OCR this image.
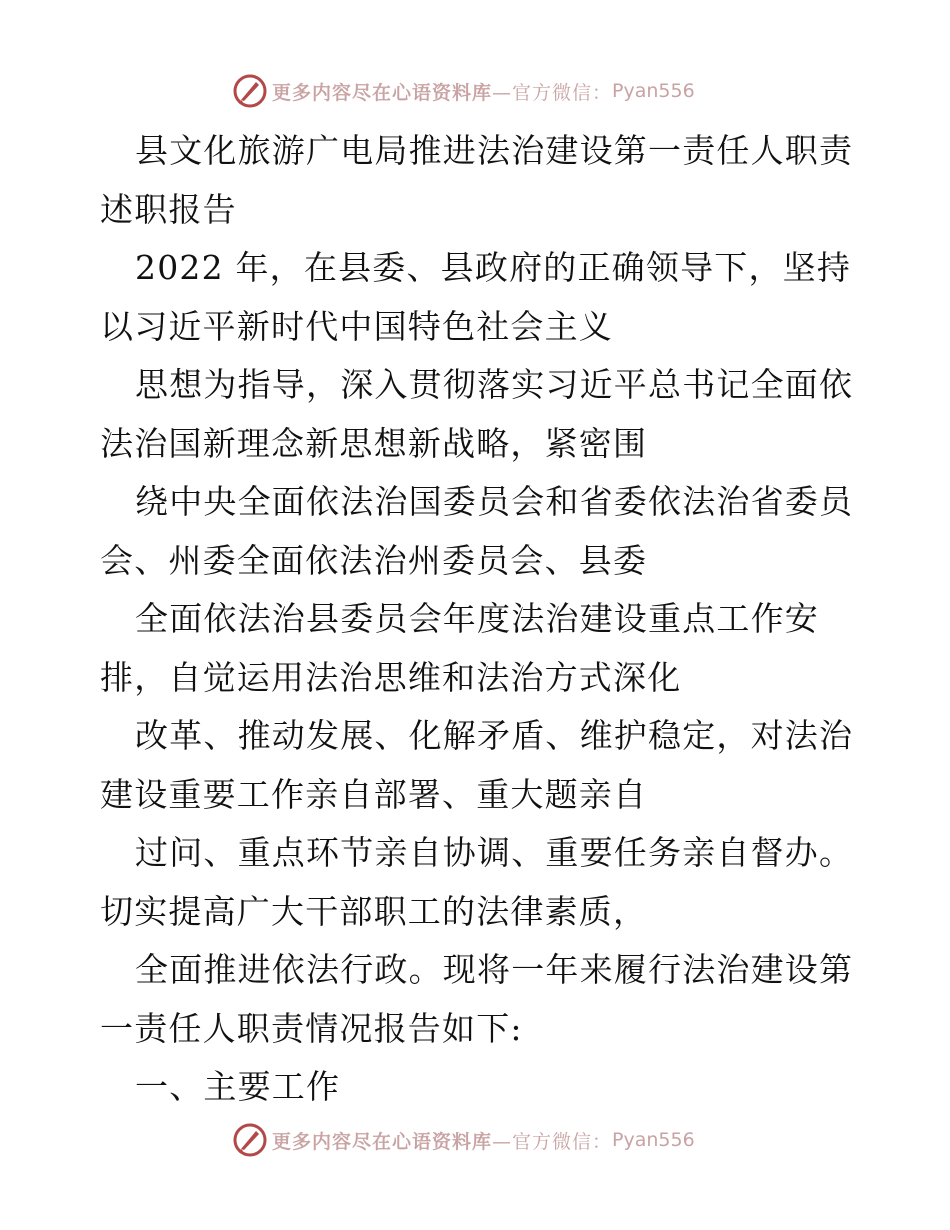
更多内容尽在心语资料库 —官方微信： Pyan556
县文化旅游广电局推进法治建设第一责任人职责
述职报告
2022 年，在县委、县政府的正确领导下，坚持
以习近平新时代中国特色社会主义
思想为指导，深入贯彻落实习近平总书记全面依
法治国新理念新思想新战略，紧密围
绕中央全面依法治国委员会和省委依法治省委员
会、州委全面依法治州委员会、县委
全面依法治县委员会年度法治建设重点工作安
排，自觉运用法治思维和法治方式深化
改革、推动发展、化解矛盾、维护稳定，对法治
建设重要工作亲自部署、重大题亲自
过问、重点环节亲自协调、重要任务亲自督办。
切实提高广大干部职工的法律素质，
全面推进依法行政。现将一年来履行法治建设第
一责任人职责情况报告如下:
一、主要工作
更多内容尽在心语资料库 —官方微信： Pyan556
